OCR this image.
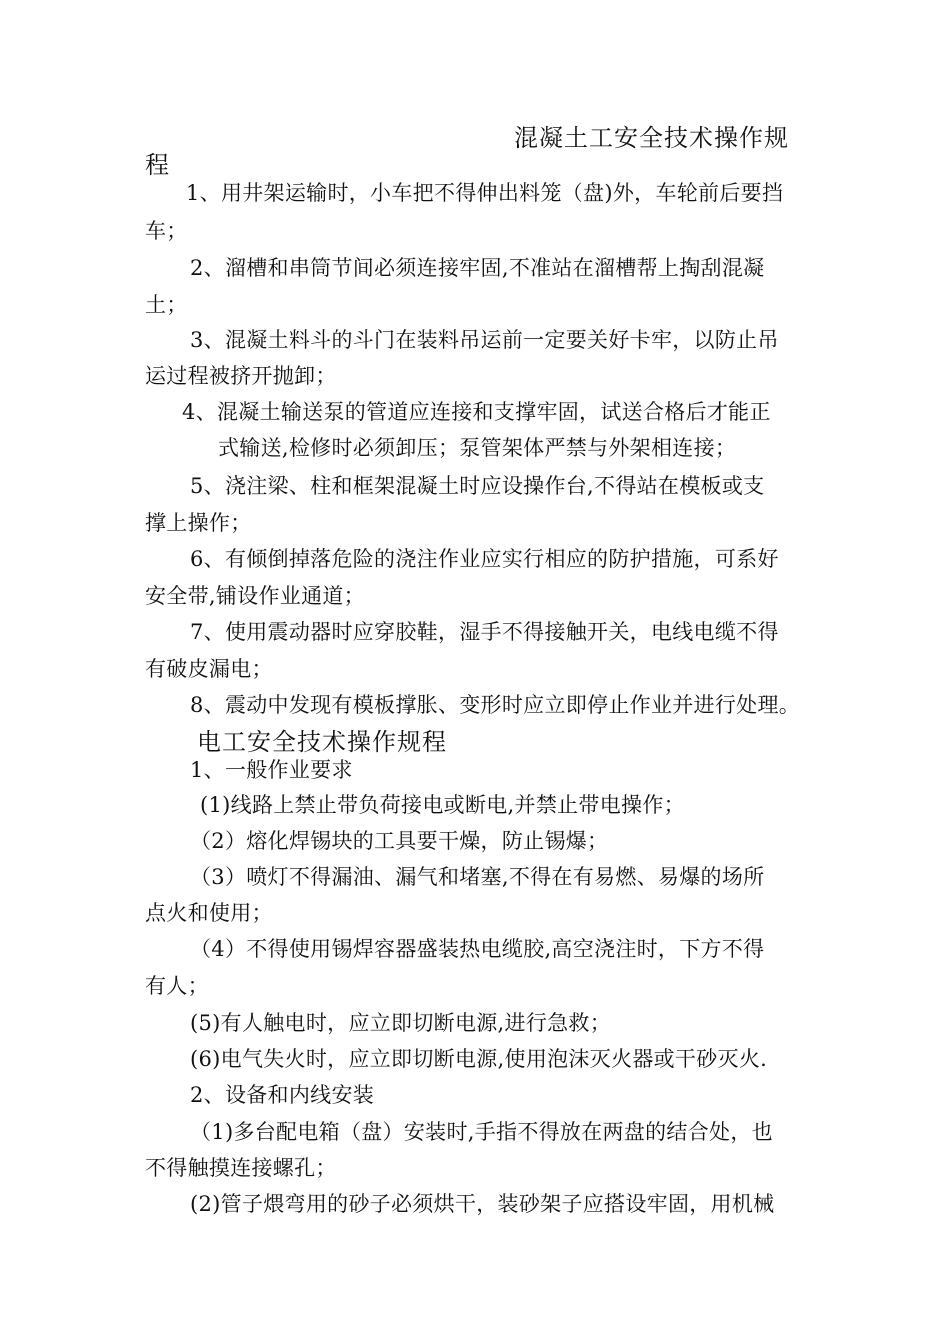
混凝土工安全技术操作规
程
1、用井架运输时，小车把不得伸出料笼（盘)外，车轮前后要挡
车；
2、溜槽和串筒节间必须连接牢固,不准站在溜槽帮上掏刮混凝
土；
3、混凝土料斗的斗门在装料吊运前一定要关好卡牢，以防止吊
运过程被挤开抛卸；
4、混凝土输送泵的管道应连接和支撑牢固，试送合格后才能正
式输送,检修时必须卸压；泵管架体严禁与外架相连接；
5、浇注梁、柱和框架混凝土时应设操作台,不得站在模板或支
撑上操作；
6、有倾倒掉落危险的浇注作业应实行相应的防护措施，可系好
安全带,铺设作业通道；
7、使用震动器时应穿胶鞋，湿手不得接触开关，电线电缆不得
有破皮漏电；
8、震动中发现有模板撑胀、变形时应立即停止作业并进行处理。
电工安全技术操作规程
1、一般作业要求
(1)线路上禁止带负荷接电或断电,并禁止带电操作；
（2）熔化焊锡块的工具要干燥，防止锡爆；
（3）喷灯不得漏油、漏气和堵塞,不得在有易燃、易爆的场所
点火和使用；
（4）不得使用锡焊容器盛装热电缆胶,高空浇注时，下方不得
有人；
(5)有人触电时，应立即切断电源,进行急救；
(6)电气失火时，应立即切断电源,使用泡沫灭火器或干砂灭火.
2、设备和内线安装
（1)多台配电箱（盘）安装时,手指不得放在两盘的结合处，也
不得触摸连接螺孔；
(2)管子煨弯用的砂子必须烘干，装砂架子应搭设牢固，用机械
